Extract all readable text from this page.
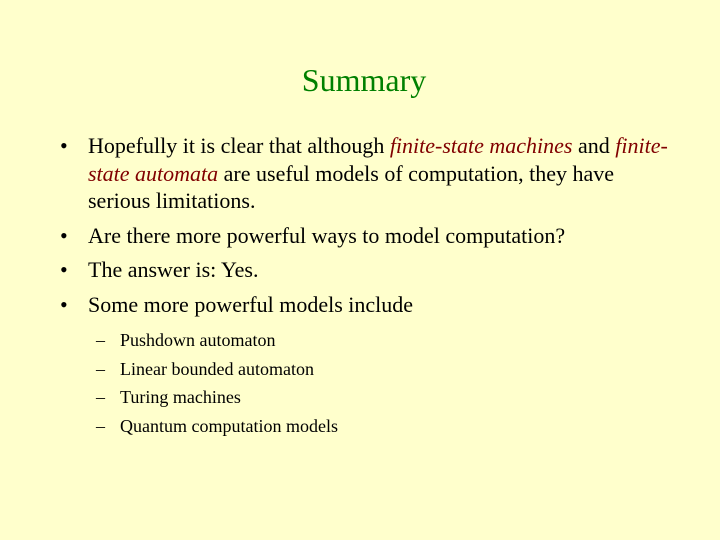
Summary
• Hopefully it is clear that although finite-state machines and finite-state automata are useful models of computation, they have serious limitations.
• Are there more powerful ways to model computation?
• The answer is: Yes.
• Some more powerful models include
– Pushdown automaton
– Linear bounded automaton
– Turing machines
– Quantum computation models
